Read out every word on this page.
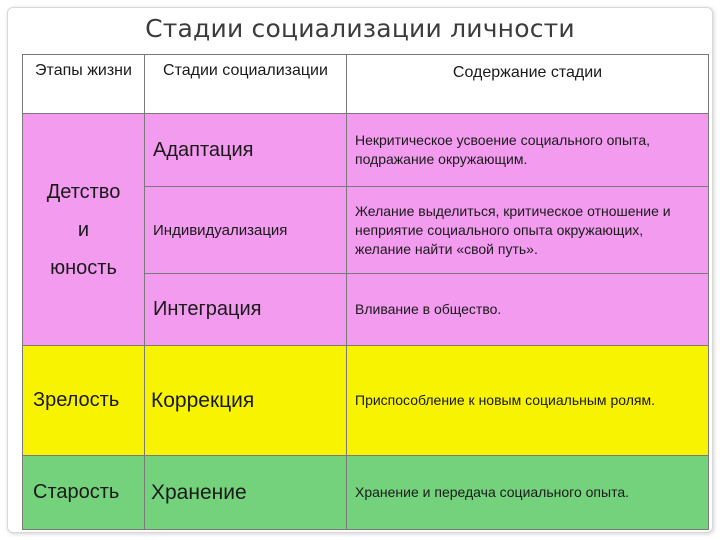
Стадии социализации личности
Этапы жизни	Стадии социализации	Содержание стадии

Детство
и
юность	Адаптация	Некритическое усвоение социального опыта, подражание окружающим.
	Индивидуализация	Желание выделиться, критическое отношение и неприятие социального опыта окружающих, желание найти «свой путь».
	Интеграция	Вливание в общество.
Зрелость	Коррекция	Приспособление к новым социальным ролям.
Старость	Хранение	Хранение и передача социального опыта.
